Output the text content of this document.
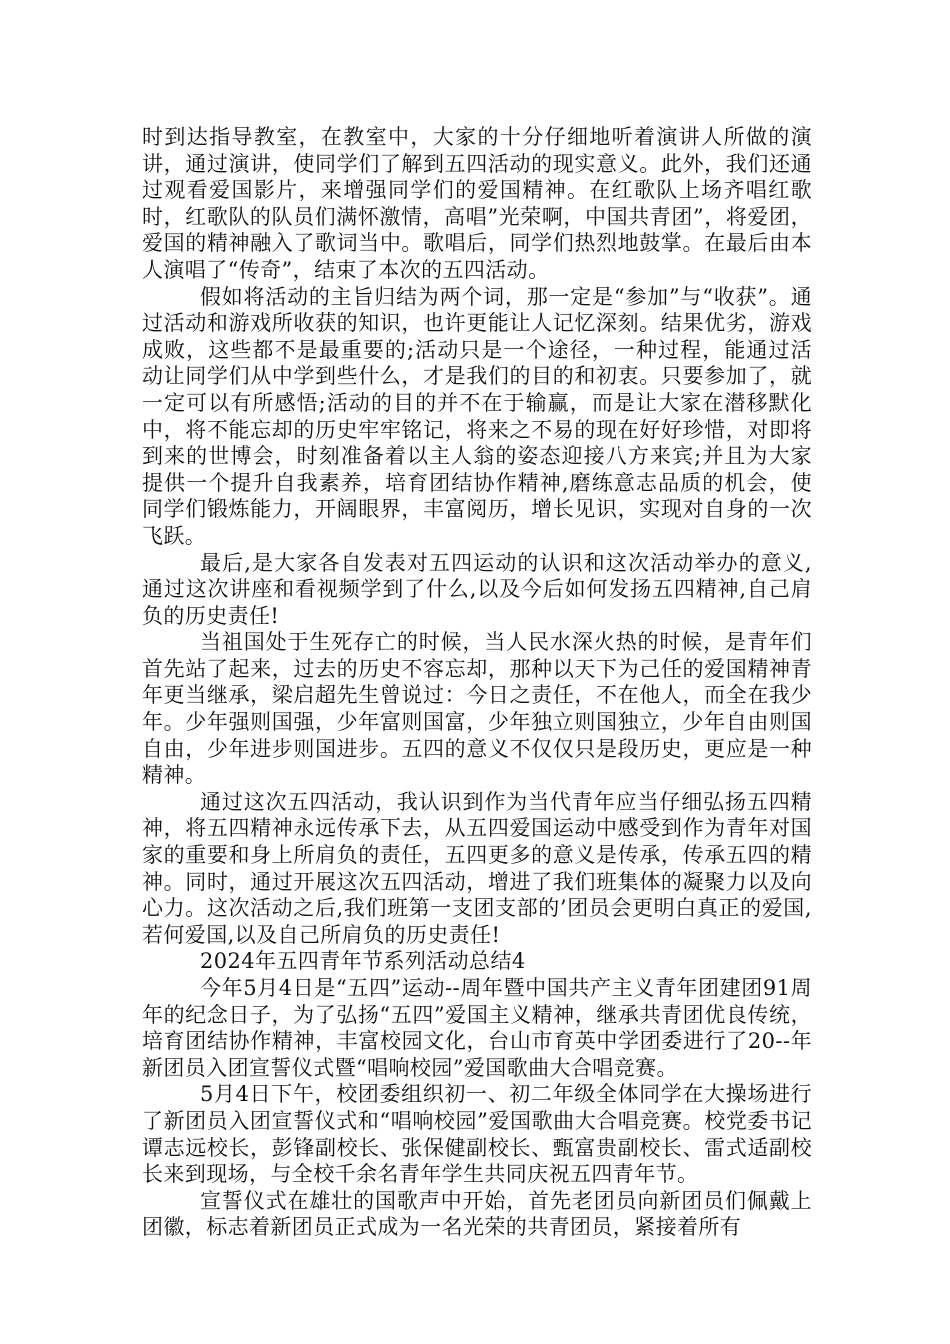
时到达指导教室，在教室中，大家的十分仔细地听着演讲人所做的演讲，通过演讲，使同学们了解到五四活动的现实意义。此外，我们还通过观看爱国影片，来增强同学们的爱国精神。在红歌队上场齐唱红歌时，红歌队的队员们满怀激情，高唱”光荣啊，中国共青团”，将爱团，爱国的精神融入了歌词当中。歌唱后，同学们热烈地鼓掌。在最后由本人演唱了“传奇”，结束了本次的五四活动。

假如将活动的主旨归结为两个词，那一定是“参加”与“收获”。通过活动和游戏所收获的知识，也许更能让人记忆深刻。结果优劣，游戏成败，这些都不是最重要的;活动只是一个途径，一种过程，能通过活动让同学们从中学到些什么，才是我们的目的和初衷。只要参加了，就一定可以有所感悟;活动的目的并不在于输赢，而是让大家在潜移默化中，将不能忘却的历史牢牢铭记，将来之不易的现在好好珍惜，对即将到来的世博会，时刻准备着以主人翁的姿态迎接八方来宾;并且为大家提供一个提升自我素养，培育团结协作精神,磨练意志品质的机会，使同学们锻炼能力，开阔眼界，丰富阅历，增长见识，实现对自身的一次飞跃。

最后,是大家各自发表对五四运动的认识和这次活动举办的意义,通过这次讲座和看视频学到了什么,以及今后如何发扬五四精神,自己肩负的历史责任!

当祖国处于生死存亡的时候，当人民水深火热的时候，是青年们首先站了起来，过去的历史不容忘却，那种以天下为己任的爱国精神青年更当继承，梁启超先生曾说过：今日之责任，不在他人，而全在我少年。少年强则国强，少年富则国富，少年独立则国独立，少年自由则国自由，少年进步则国进步。五四的意义不仅仅只是段历史，更应是一种精神。

通过这次五四活动，我认识到作为当代青年应当仔细弘扬五四精神，将五四精神永远传承下去，从五四爱国运动中感受到作为青年对国家的重要和身上所肩负的责任，五四更多的意义是传承，传承五四的精神。同时，通过开展这次五四活动，增进了我们班集体的凝聚力以及向心力。这次活动之后,我们班第一支团支部的’团员会更明白真正的爱国,若何爱国,以及自己所肩负的历史责任!

2024年五四青年节系列活动总结4

今年5月4日是“五四”运动--周年暨中国共产主义青年团建团91周年的纪念日子，为了弘扬“五四”爱国主义精神，继承共青团优良传统，培育团结协作精神，丰富校园文化，台山市育英中学团委进行了20--年新团员入团宣誓仪式暨“唱响校园”爱国歌曲大合唱竞赛。

5月4日下午，校团委组织初一、初二年级全体同学在大操场进行了新团员入团宣誓仪式和“唱响校园”爱国歌曲大合唱竞赛。校党委书记谭志远校长，彭锋副校长、张保健副校长、甄富贵副校长、雷式适副校长来到现场，与全校千余名青年学生共同庆祝五四青年节。

宣誓仪式在雄壮的国歌声中开始，首先老团员向新团员们佩戴上团徽，标志着新团员正式成为一名光荣的共青团员，紧接着所有
